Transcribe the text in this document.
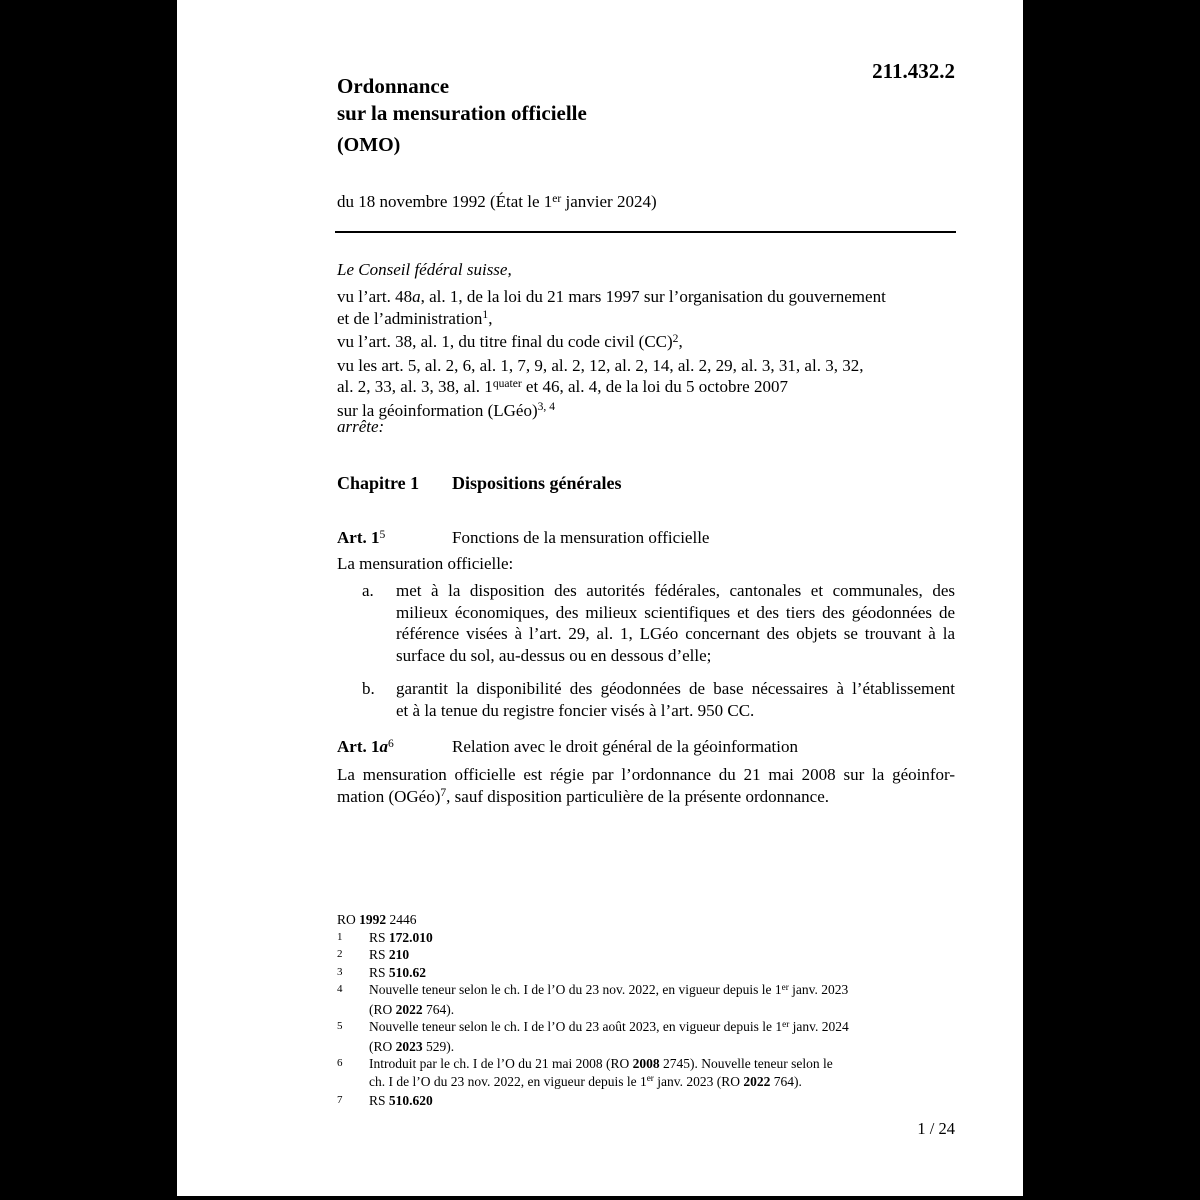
211.432.2
Ordonnance
sur la mensuration officielle
(OMO)
du 18 novembre 1992 (État le 1er janvier 2024)
Le Conseil fédéral suisse,
vu l’art. 48a, al. 1, de la loi du 21 mars 1997 sur l’organisation du gouvernement
et de l’administration$^1$,
vu l’art. 38, al. 1, du titre final du code civil (CC)$^2$,
vu les art. 5, al. 2, 6, al. 1, 7, 9, al. 2, 12, al. 2, 14, al. 2, 29, al. 3, 31, al. 3, 32,
al. 2, 33, al. 3, 38, al. $1^{quater}$ et 46, al. 4, de la loi du 5 octobre 2007
sur la géoinformation (LGéo)$^{3, 4}$
arrête:
Chapitre 1	Dispositions générales
Art. $1^5$	Fonctions de la mensuration officielle
La mensuration officielle:
a.	met à la disposition des autorités fédérales, cantonales et communales, des
milieux économiques, des milieux scientifiques et des tiers des géodonnées de
référence visées à l’art. 29, al. 1, LGéo concernant des objets se trouvant à la
surface du sol, au-dessus ou en dessous d’elle;
b.	garantit la disponibilité des géodonnées de base nécessaires à l’établissement
et à la tenue du registre foncier visés à l’art. 950 CC.
Art. $1a^6$	Relation avec le droit général de la géoinformation
La mensuration officielle est régie par l’ordonnance du 21 mai 2008 sur la géoinfor-
mation (OGéo)$^7$, sauf disposition particulière de la présente ordonnance.
RO 1992 2446
1	RS 172.010
2	RS 210
3	RS 510.62
4	Nouvelle teneur selon le ch. I de l’O du 23 nov. 2022, en vigueur depuis le 1er janv. 2023
(RO 2022 764).
5	Nouvelle teneur selon le ch. I de l’O du 23 août 2023, en vigueur depuis le 1er janv. 2024
(RO 2023 529).
6	Introduit par le ch. I de l’O du 21 mai 2008 (RO 2008 2745). Nouvelle teneur selon le
ch. I de l’O du 23 nov. 2022, en vigueur depuis le 1er janv. 2023 (RO 2022 764).
7	RS 510.620
1 / 24
